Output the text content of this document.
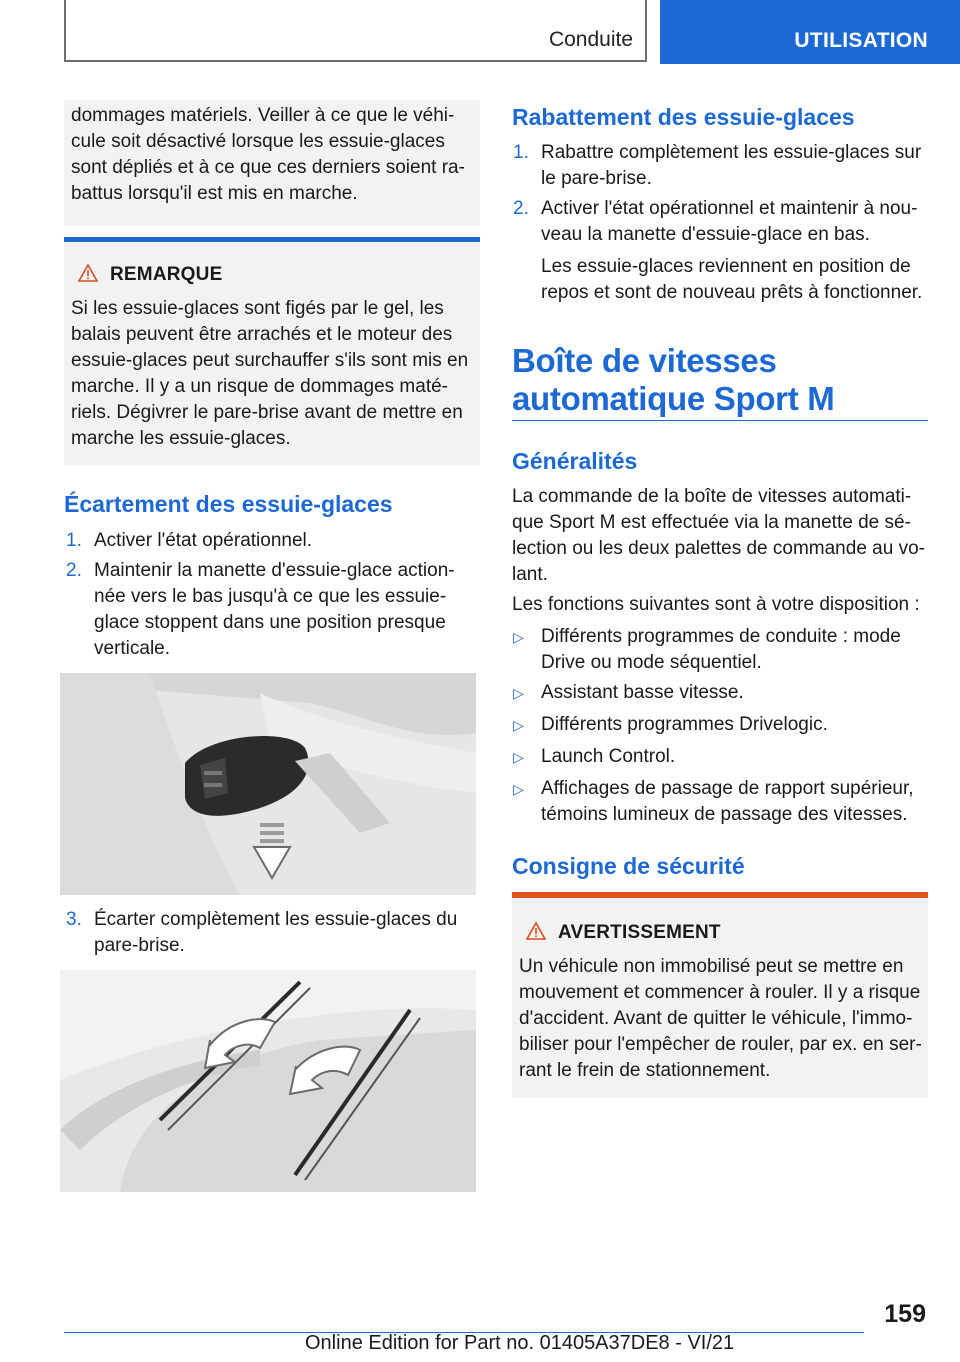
Conduite	UTILISATION
dommages matériels. Veiller à ce que le véhi-
cule soit désactivé lorsque les essuie-glaces
sont dépliés et à ce que ces derniers soient ra-
battus lorsqu'il est mis en marche.
REMARQUE
Si les essuie-glaces sont figés par le gel, les
balais peuvent être arrachés et le moteur des
essuie-glaces peut surchauffer s'ils sont mis en
marche. Il y a un risque de dommages maté-
riels. Dégivrer le pare-brise avant de mettre en
marche les essuie-glaces.
Écartement des essuie-glaces
1. Activer l'état opérationnel.
2. Maintenir la manette d'essuie-glace action-
née vers le bas jusqu'à ce que les essuie-
glace stoppent dans une position presque
verticale.
3. Écarter complètement les essuie-glaces du
pare-brise.
Rabattement des essuie-glaces
1. Rabattre complètement les essuie-glaces sur
le pare-brise.
2. Activer l'état opérationnel et maintenir à nou-
veau la manette d'essuie-glace en bas.
Les essuie-glaces reviennent en position de
repos et sont de nouveau prêts à fonctionner.
Boîte de vitesses
automatique Sport M
Généralités
La commande de la boîte de vitesses automati-
que Sport M est effectuée via la manette de sé-
lection ou les deux palettes de commande au vo-
lant.
Les fonctions suivantes sont à votre disposition :
▷ Différents programmes de conduite : mode
Drive ou mode séquentiel.
▷ Assistant basse vitesse.
▷ Différents programmes Drivelogic.
▷ Launch Control.
▷ Affichages de passage de rapport supérieur,
témoins lumineux de passage des vitesses.
Consigne de sécurité
AVERTISSEMENT
Un véhicule non immobilisé peut se mettre en
mouvement et commencer à rouler. Il y a risque
d'accident. Avant de quitter le véhicule, l'immo-
biliser pour l'empêcher de rouler, par ex. en ser-
rant le frein de stationnement.
159
Online Edition for Part no. 01405A37DE8 - VI/21
